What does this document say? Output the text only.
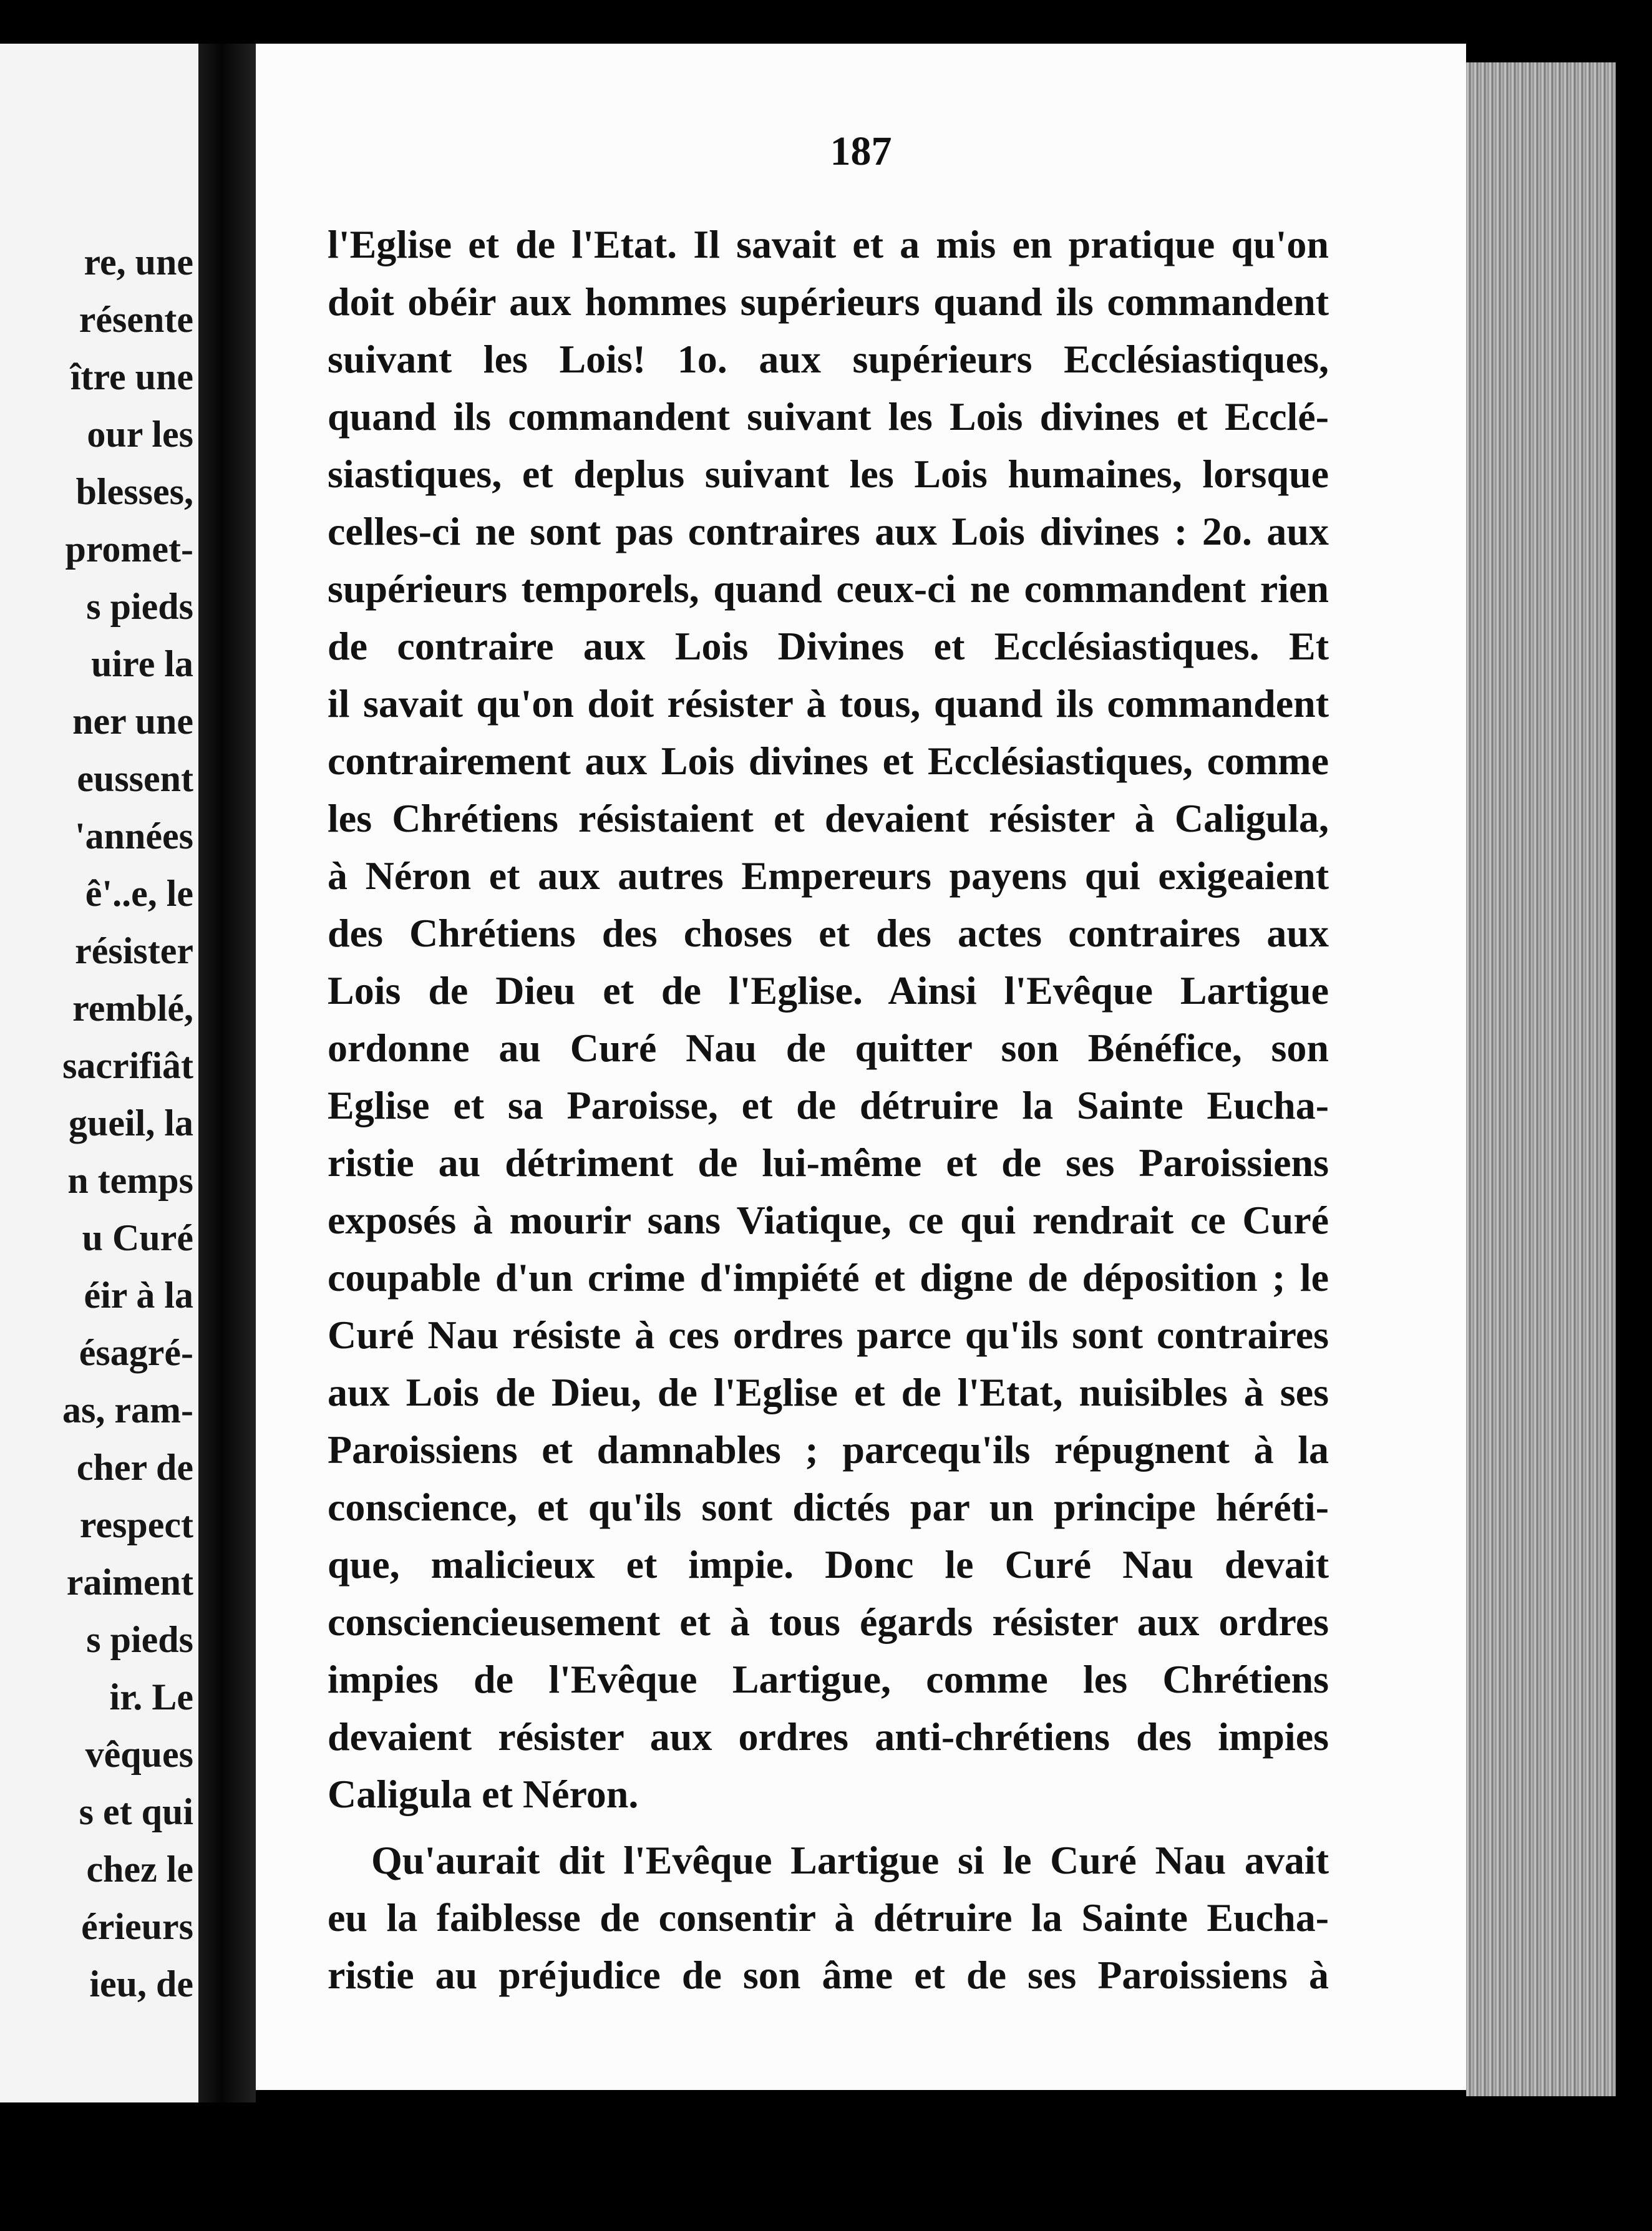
re, une
résente
ître une
our les
blesses,
promet-
s pieds
uire la
ner une
eussent
'années
ê'..e, le
résister
remblé,
sacrifiât
gueil, la
n temps
u Curé
éir à la
ésagré-
as, ram-
cher de
respect
raiment
s pieds
ir. Le
vêques
s et qui
chez le
érieurs
ieu, de
187
l'Eglise et de l'Etat. Il savait et a mis en pratique qu'on
doit obéir aux hommes supérieurs quand ils commandent
suivant les Lois! 1o. aux supérieurs Ecclésiastiques,
quand ils commandent suivant les Lois divines et Ecclé-
siastiques, et deplus suivant les Lois humaines, lorsque
celles-ci ne sont pas contraires aux Lois divines : 2o. aux
supérieurs temporels, quand ceux-ci ne commandent rien
de contraire aux Lois Divines et Ecclésiastiques. Et
il savait qu'on doit résister à tous, quand ils commandent
contrairement aux Lois divines et Ecclésiastiques, comme
les Chrétiens résistaient et devaient résister à Caligula,
à Néron et aux autres Empereurs payens qui exigeaient
des Chrétiens des choses et des actes contraires aux
Lois de Dieu et de l'Eglise. Ainsi l'Evêque Lartigue
ordonne au Curé Nau de quitter son Bénéfice, son
Eglise et sa Paroisse, et de détruire la Sainte Eucha-
ristie au détriment de lui-même et de ses Paroissiens
exposés à mourir sans Viatique, ce qui rendrait ce Curé
coupable d'un crime d'impiété et digne de déposition ; le
Curé Nau résiste à ces ordres parce qu'ils sont contraires
aux Lois de Dieu, de l'Eglise et de l'Etat, nuisibles à ses
Paroissiens et damnables ; parcequ'ils répugnent à la
conscience, et qu'ils sont dictés par un principe héréti-
que, malicieux et impie. Donc le Curé Nau devait
consciencieusement et à tous égards résister aux ordres
impies de l'Evêque Lartigue, comme les Chrétiens
devaient résister aux ordres anti-chrétiens des impies
Caligula et Néron.
Qu'aurait dit l'Evêque Lartigue si le Curé Nau avait
eu la faiblesse de consentir à détruire la Sainte Eucha-
ristie au préjudice de son âme et de ses Paroissiens à
